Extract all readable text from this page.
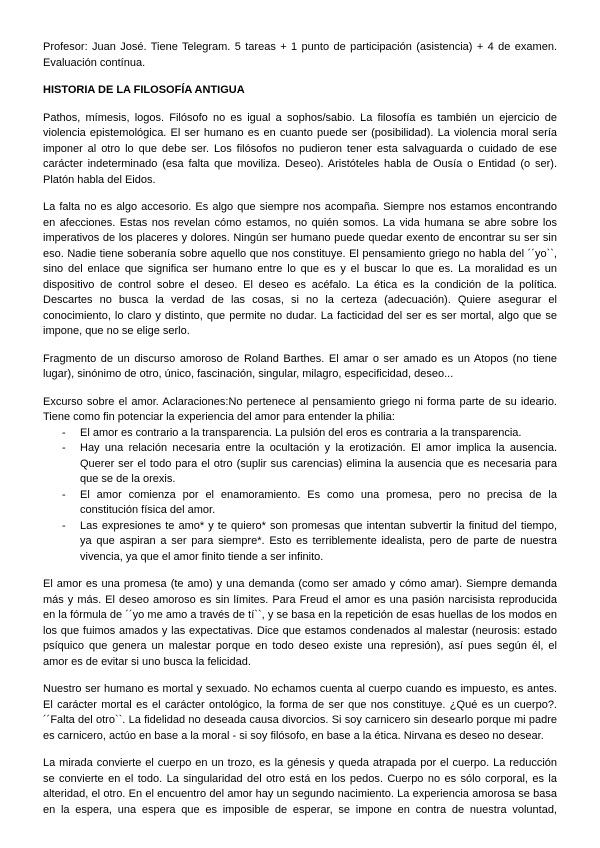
Profesor: Juan José. Tiene Telegram. 5 tareas + 1 punto de participación (asistencia) + 4 de examen.
Evaluación contínua.
HISTORIA DE LA FILOSOFÍA ANTIGUA
Pathos, mímesis, logos. Filósofo no es igual a sophos/sabio. La filosofía es también un ejercicio de
violencia epistemológica. El ser humano es en cuanto puede ser (posibilidad). La violencia moral sería
imponer al otro lo que debe ser. Los filósofos no pudieron tener esta salvaguarda o cuidado de ese
carácter indeterminado (esa falta que moviliza. Deseo). Aristóteles habla de Ousía o Entidad (o ser).
Platón habla del Eidos.
La falta no es algo accesorio. Es algo que siempre nos acompaña. Siempre nos estamos encontrando
en afecciones. Estas nos revelan cómo estamos, no quién somos. La vida humana se abre sobre los
imperativos de los placeres y dolores. Ningún ser humano puede quedar exento de encontrar su ser sin
eso. Nadie tiene soberanía sobre aquello que nos constituye. El pensamiento griego no habla del ´´yo``,
sino del enlace que significa ser humano entre lo que es y el buscar lo que es. La moralidad es un
dispositivo de control sobre el deseo. El deseo es acéfalo. La ética es la condición de la política.
Descartes no busca la verdad de las cosas, si no la certeza (adecuación). Quiere asegurar el
conocimiento, lo claro y distinto, que permite no dudar. La facticidad del ser es ser mortal, algo que se
impone, que no se elige serlo.
Fragmento de un discurso amoroso de Roland Barthes. El amar o ser amado es un Atopos (no tiene
lugar), sinónimo de otro, único, fascinación, singular, milagro, especificidad, deseo...
Excurso sobre el amor. Aclaraciones:No pertenece al pensamiento griego ni forma parte de su ideario.
Tiene como fin potenciar la experiencia del amor para entender la philia:
- El amor es contrario a la transparencia. La pulsión del eros es contraria a la transparencia.
- Hay una relación necesaria entre la ocultación y la erotización. El amor implica la ausencia.
Querer ser el todo para el otro (suplir sus carencias) elimina la ausencia que es necesaria para
que se de la orexis.
- El amor comienza por el enamoramiento. Es como una promesa, pero no precisa de la
constitución física del amor.
- Las expresiones te amo* y te quiero* son promesas que intentan subvertir la finitud del tiempo,
ya que aspiran a ser para siempre*. Esto es terriblemente idealista, pero de parte de nuestra
vivencia, ya que el amor finito tiende a ser infinito.
El amor es una promesa (te amo) y una demanda (como ser amado y cómo amar). Siempre demanda
más y más. El deseo amoroso es sin límites. Para Freud el amor es una pasión narcisista reproducida
en la fórmula de ´´yo me amo a través de tí``, y se basa en la repetición de esas huellas de los modos en
los que fuimos amados y las expectativas. Dice que estamos condenados al malestar (neurosis: estado
psíquico que genera un malestar porque en todo deseo existe una represión), así pues según él, el
amor es de evitar si uno busca la felicidad.
Nuestro ser humano es mortal y sexuado. No echamos cuenta al cuerpo cuando es impuesto, es antes.
El carácter mortal es el carácter ontológico, la forma de ser que nos constituye. ¿Qué es un cuerpo?.
´´Falta del otro``. La fidelidad no deseada causa divorcios. Si soy carnicero sin desearlo porque mi padre
es carnicero, actúo en base a la moral - si soy filósofo, en base a la ética. Nirvana es deseo no desear.
La mirada convierte el cuerpo en un trozo, es la génesis y queda atrapada por el cuerpo. La reducción
se convierte en el todo. La singularidad del otro está en los pedos. Cuerpo no es sólo corporal, es la
alteridad, el otro. En el encuentro del amor hay un segundo nacimiento. La experiencia amorosa se basa
en la espera, una espera que es imposible de esperar, se impone en contra de nuestra voluntad,
